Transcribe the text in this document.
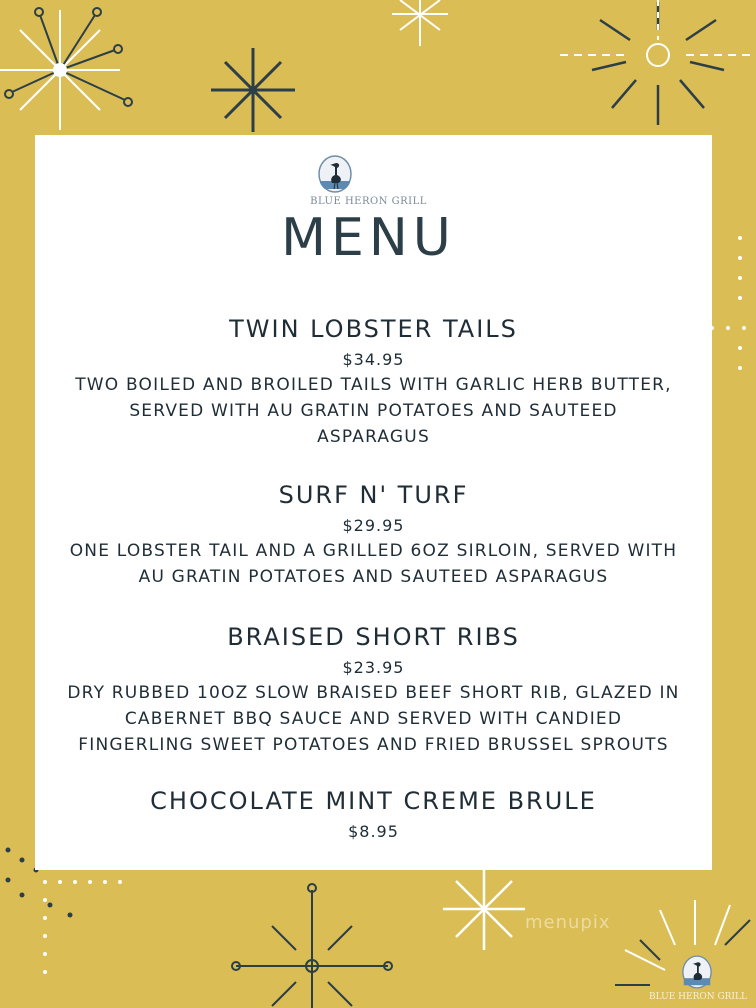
BLUE HERON GRILL
MENU
TWIN LOBSTER TAILS
$34.95
TWO BOILED AND BROILED TAILS WITH GARLIC HERB BUTTER,
SERVED WITH AU GRATIN POTATOES AND SAUTEED
ASPARAGUS
SURF N' TURF
$29.95
ONE LOBSTER TAIL AND A GRILLED 6OZ SIRLOIN, SERVED WITH
AU GRATIN POTATOES AND SAUTEED ASPARAGUS
BRAISED SHORT RIBS
$23.95
DRY RUBBED 10OZ SLOW BRAISED BEEF SHORT RIB, GLAZED IN
CABERNET BBQ SAUCE AND SERVED WITH CANDIED
FINGERLING SWEET POTATOES AND FRIED BRUSSEL SPROUTS
CHOCOLATE MINT CREME BRULE
$8.95
menupix
BLUE HERON GRILL
